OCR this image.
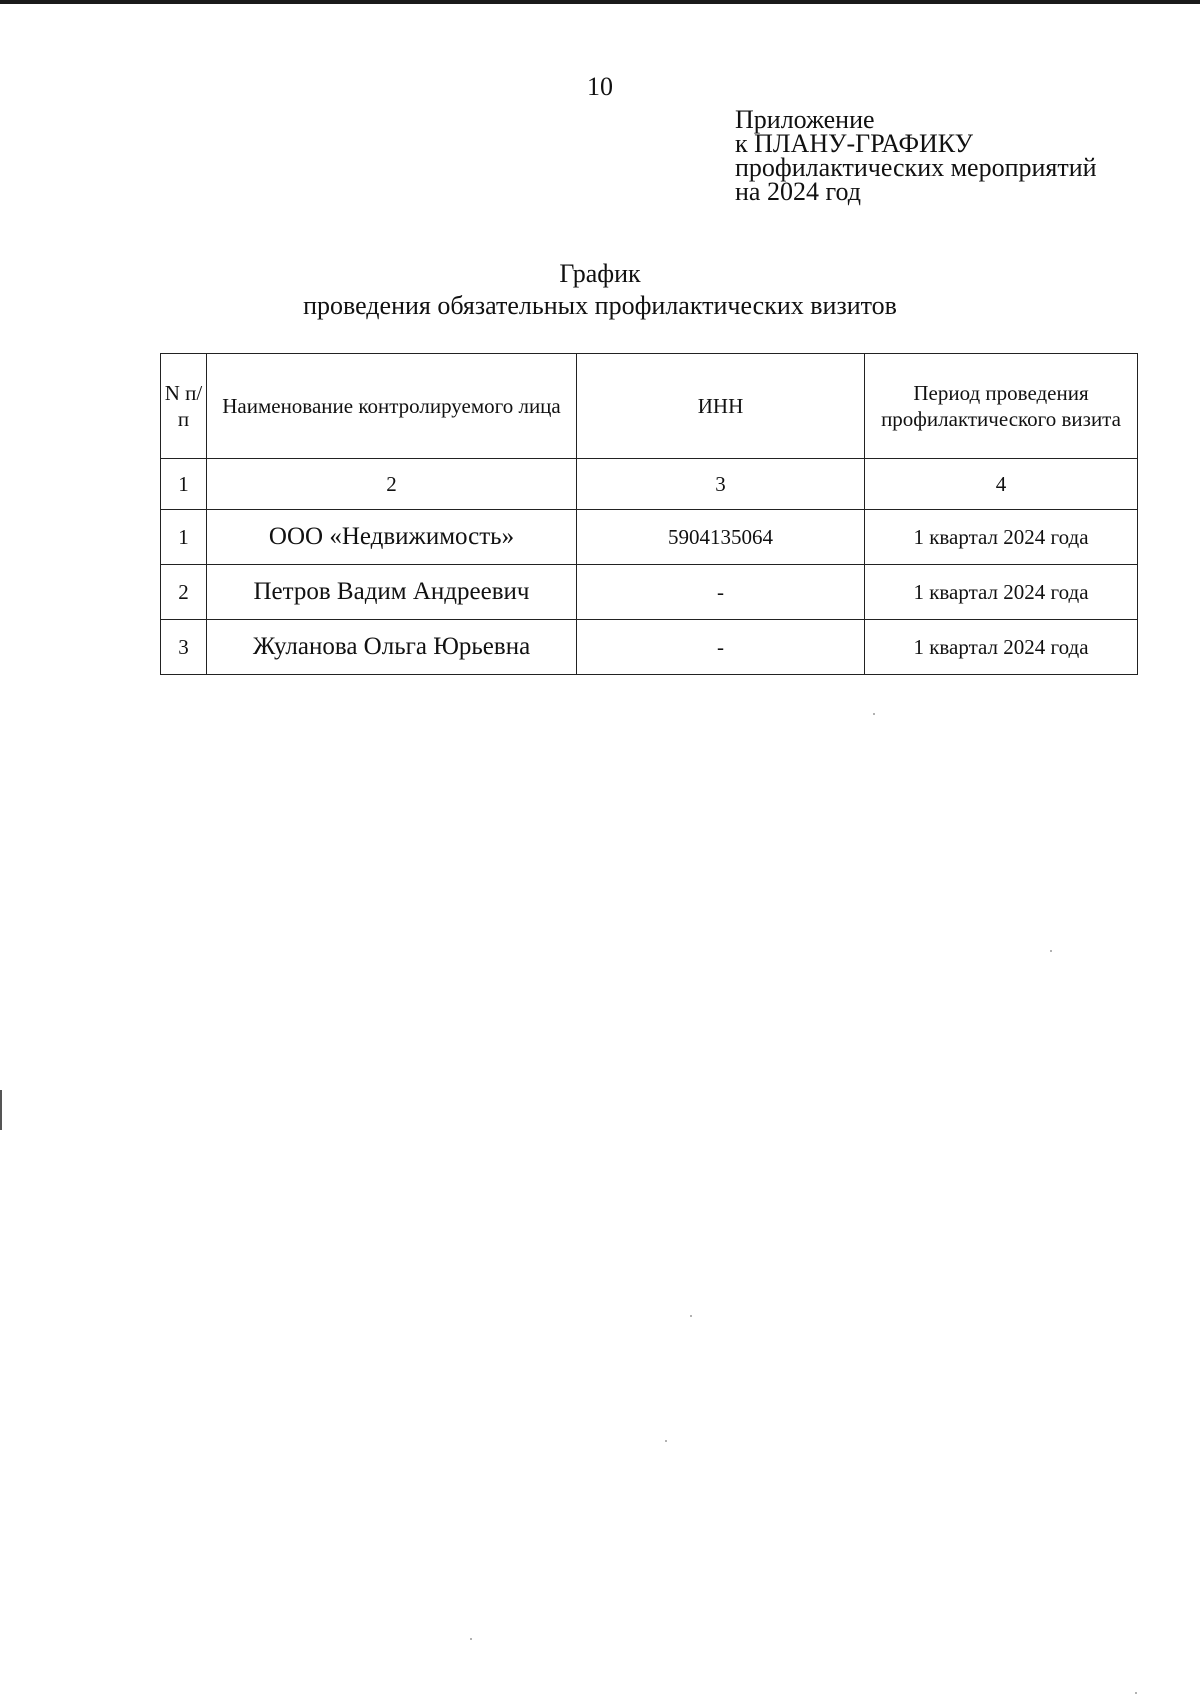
10
Приложение
к ПЛАНУ-ГРАФИКУ
профилактических мероприятий
на 2024 год
График
проведения обязательных профилактических визитов
N п/п	Наименование контролируемого лица	ИНН	Период проведения профилактического визита
1	2	3	4
1	ООО «Недвижимость»	5904135064	1 квартал 2024 года
2	Петров Вадим Андреевич	-	1 квартал 2024 года
3	Жуланова Ольга Юрьевна	-	1 квартал 2024 года
